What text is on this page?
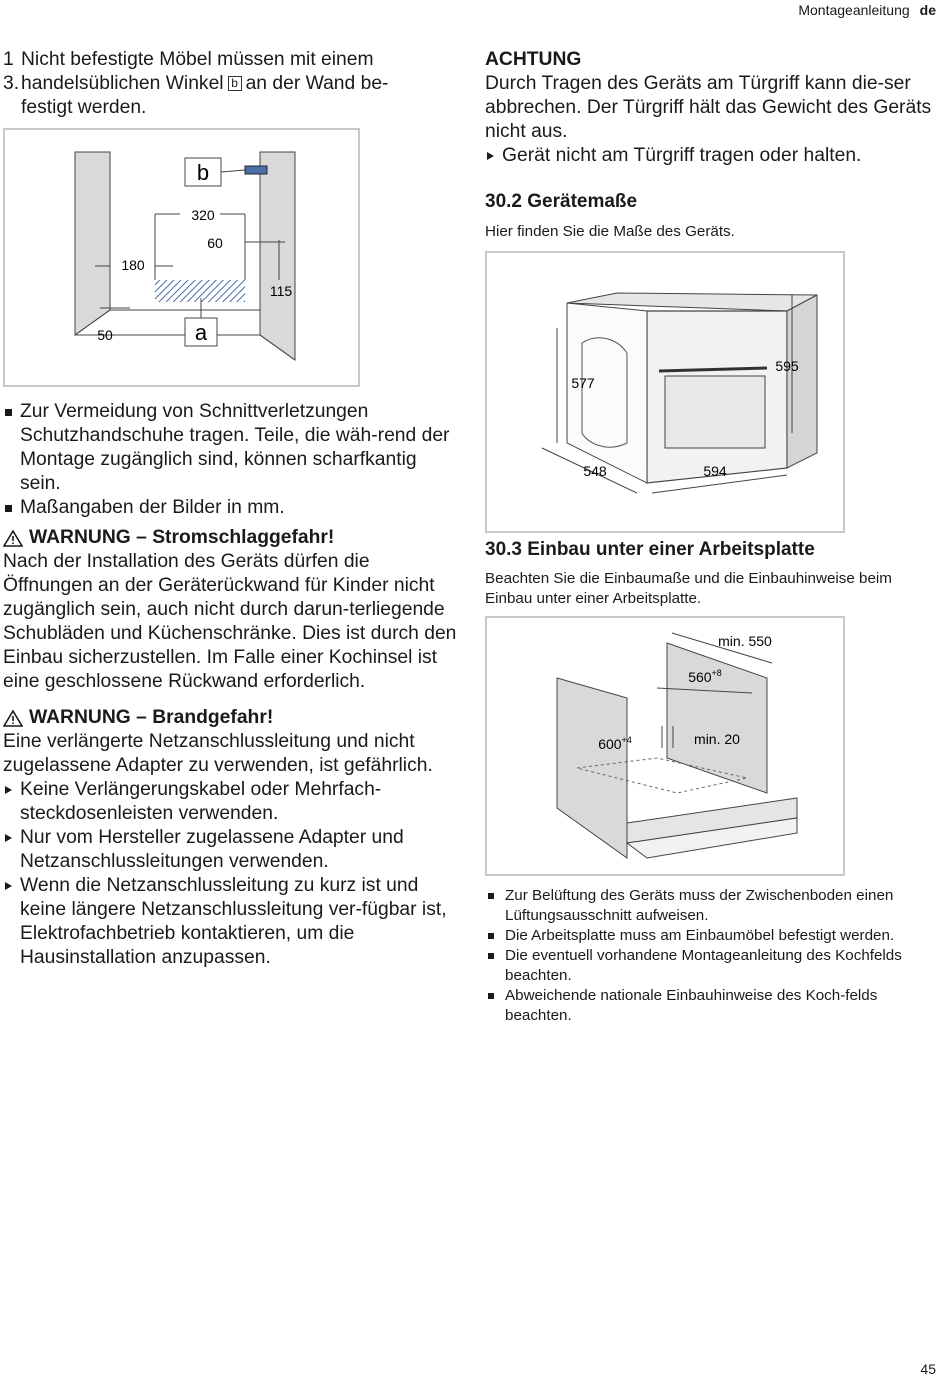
Montageanleitung de
1 Nicht befestigte Möbel müssen mit einem
3. handelsüblichen Winkel b an der Wand be-
festigt werden.
b
a
320
60
180
115
50
Zur Vermeidung von Schnittverletzungen Schutzhandschuhe tragen. Teile, die wäh-rend der Montage zugänglich sind, können scharfkantig sein.
Maßangaben der Bilder in mm.
WARNUNG – Stromschlaggefahr!
Nach der Installation des Geräts dürfen die Öffnungen an der Geräterückwand für Kinder nicht zugänglich sein, auch nicht durch darun-terliegende Schubläden und Küchenschränke. Dies ist durch den Einbau sicherzustellen. Im Falle einer Kochinsel ist eine geschlossene Rückwand erforderlich.
WARNUNG – Brandgefahr!
Eine verlängerte Netzanschlussleitung und nicht zugelassene Adapter zu verwenden, ist gefährlich.
Keine Verlängerungskabel oder Mehrfach-steckdosenleisten verwenden.
Nur vom Hersteller zugelassene Adapter und Netzanschlussleitungen verwenden.
Wenn die Netzanschlussleitung zu kurz ist und keine längere Netzanschlussleitung ver-fügbar ist, Elektrofachbetrieb kontaktieren, um die Hausinstallation anzupassen.
ACHTUNG
Durch Tragen des Geräts am Türgriff kann die-ser abbrechen. Der Türgriff hält das Gewicht des Geräts nicht aus.
Gerät nicht am Türgriff tragen oder halten.
30.2 Gerätemaße
Hier finden Sie die Maße des Geräts.
577
595
548	594
30.3 Einbau unter einer Arbeitsplatte
Beachten Sie die Einbaumaße und die Einbauhinweise beim Einbau unter einer Arbeitsplatte.
min. 550
$560^{+8}$
$600^{+4}$	min. 20
Zur Belüftung des Geräts muss der Zwischenboden einen Lüftungsausschnitt aufweisen.
Die Arbeitsplatte muss am Einbaumöbel befestigt werden.
Die eventuell vorhandene Montageanleitung des Kochfelds beachten.
Abweichende nationale Einbauhinweise des Koch-felds beachten.
45
